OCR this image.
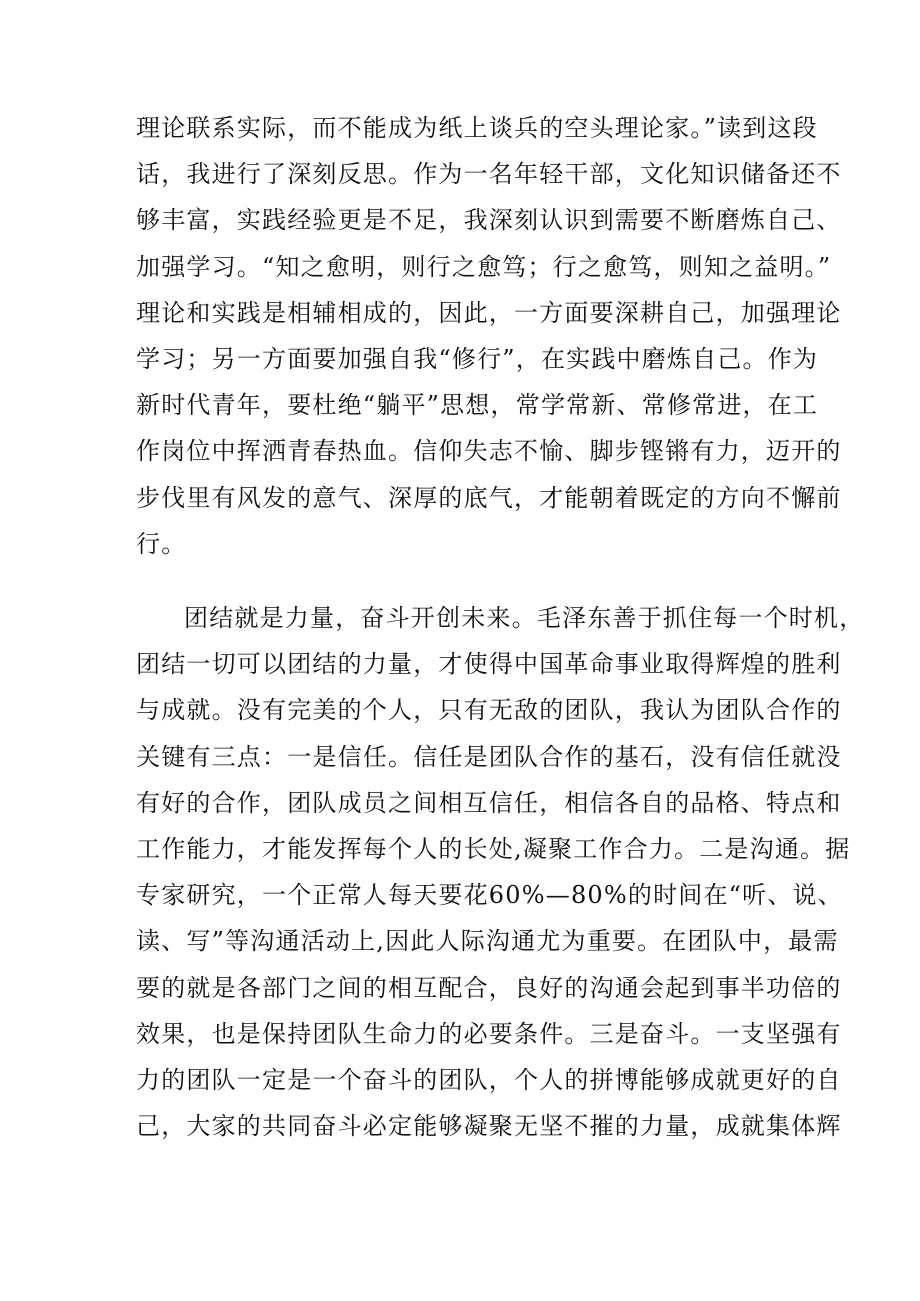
理论联系实际，而不能成为纸上谈兵的空头理论家。”读到这段
话，我进行了深刻反思。作为一名年轻干部，文化知识储备还不
够丰富，实践经验更是不足，我深刻认识到需要不断磨炼自己、
加强学习。“知之愈明，则行之愈笃；行之愈笃，则知之益明。”
理论和实践是相辅相成的，因此，一方面要深耕自己，加强理论
学习；另一方面要加强自我“修行”，在实践中磨炼自己。作为
新时代青年，要杜绝“躺平”思想，常学常新、常修常进，在工
作岗位中挥洒青春热血。信仰失志不愉、脚步铿锵有力，迈开的
步伐里有风发的意气、深厚的底气，才能朝着既定的方向不懈前
行。
团结就是力量，奋斗开创未来。毛泽东善于抓住每一个时机，
团结一切可以团结的力量，才使得中国革命事业取得辉煌的胜利
与成就。没有完美的个人，只有无敌的团队，我认为团队合作的
关键有三点：一是信任。信任是团队合作的基石，没有信任就没
有好的合作，团队成员之间相互信任，相信各自的品格、特点和
工作能力，才能发挥每个人的长处,凝聚工作合力。二是沟通。据
专家研究，一个正常人每天要花60%—80%的时间在“听、说、
读、写”等沟通活动上,因此人际沟通尤为重要。在团队中，最需
要的就是各部门之间的相互配合，良好的沟通会起到事半功倍的
效果，也是保持团队生命力的必要条件。三是奋斗。一支坚强有
力的团队一定是一个奋斗的团队，个人的拼博能够成就更好的自
己，大家的共同奋斗必定能够凝聚无坚不摧的力量，成就集体辉
